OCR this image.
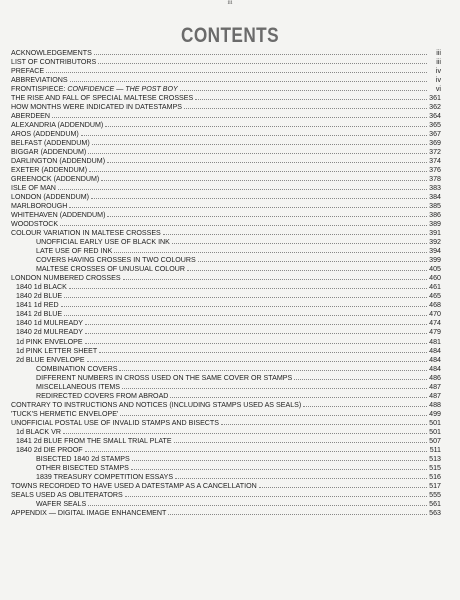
iii
CONTENTS
ACKNOWLEDGEMENTS	iii
LIST OF CONTRIBUTORS	iii
PREFACE	iv
ABBREVIATIONS	iv
FRONTISPIECE: CONFIDENCE — THE POST BOY	vi
THE RISE AND FALL OF SPECIAL MALTESE CROSSES	361
HOW MONTHS WERE INDICATED IN DATESTAMPS	362
ABERDEEN	364
ALEXANDRIA (ADDENDUM)	365
AROS (ADDENDUM)	367
BELFAST (ADDENDUM)	369
BIGGAR (ADDENDUM)	372
DARLINGTON (ADDENDUM)	374
EXETER (ADDENDUM)	376
GREENOCK (ADDENDUM)	378
ISLE OF MAN	383
LONDON (ADDENDUM)	384
MARLBOROUGH	385
WHITEHAVEN (ADDENDUM)	386
WOODSTOCK	389
COLOUR VARIATION IN MALTESE CROSSES	391
UNOFFICIAL EARLY USE OF BLACK INK	392
LATE USE OF RED INK	394
COVERS HAVING CROSSES IN TWO COLOURS	399
MALTESE CROSSES OF UNUSUAL COLOUR	405
LONDON NUMBERED CROSSES	460
1840 1d BLACK	461
1840 2d BLUE	465
1841 1d RED	468
1841 2d BLUE	470
1840 1d MULREADY	474
1840 2d MULREADY	479
1d PINK ENVELOPE	481
1d PINK LETTER SHEET	484
2d BLUE ENVELOPE	484
COMBINATION COVERS	484
DIFFERENT NUMBERS IN CROSS USED ON THE SAME COVER OR STAMPS	486
MISCELLANEOUS ITEMS	487
REDIRECTED COVERS FROM ABROAD	487
CONTRARY TO INSTRUCTIONS AND NOTICES (INCLUDING STAMPS USED AS SEALS)	488
'TUCK'S HERMETIC ENVELOPE'	499
UNOFFICIAL POSTAL USE OF INVALID STAMPS AND BISECTS	501
1d BLACK VR	501
1841 2d BLUE FROM THE SMALL TRIAL PLATE	507
1840 2d DIE PROOF	511
BISECTED 1840 2d STAMPS	513
OTHER BISECTED STAMPS	515
1839 TREASURY COMPETITION ESSAYS	516
TOWNS RECORDED TO HAVE USED A DATESTAMP AS A CANCELLATION	517
SEALS USED AS OBLITERATORS	555
WAFER SEALS	561
APPENDIX — DIGITAL IMAGE ENHANCEMENT	563
